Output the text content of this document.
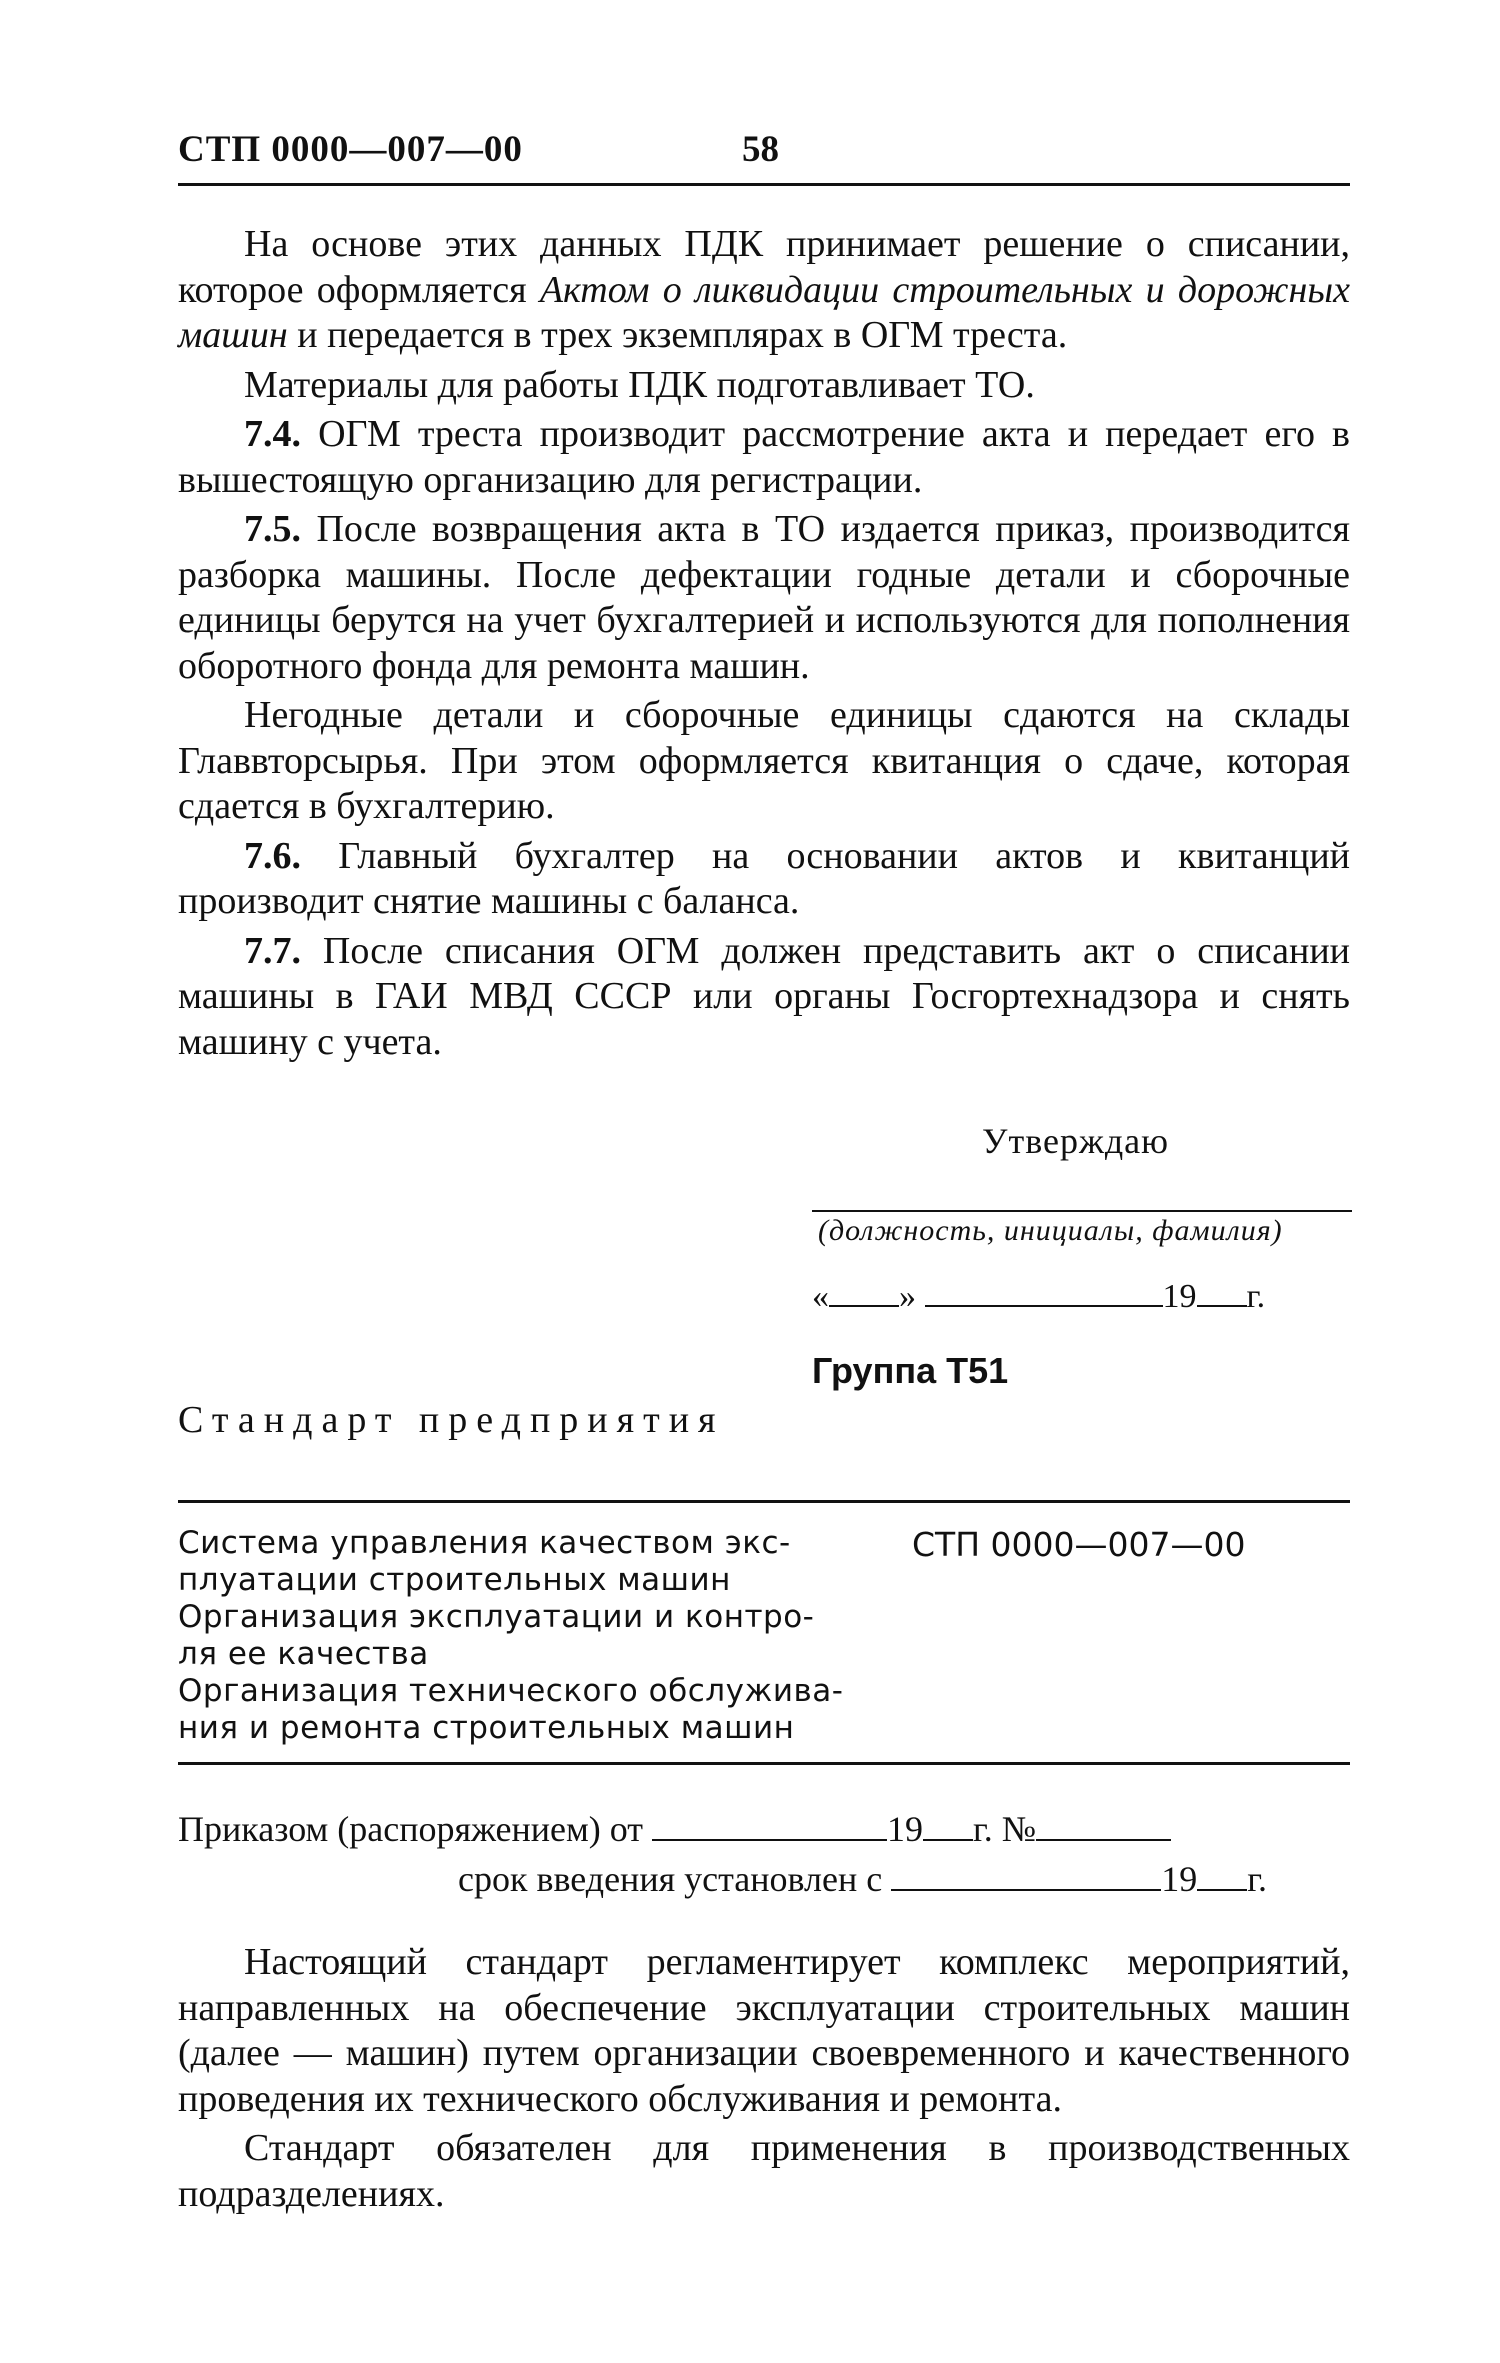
СТП 0000—007—00	58

На основе этих данных ПДК принимает решение о списании, которое оформляется Актом о ликвидации строительных и дорожных машин и передается в трех экземплярах в ОГМ треста.

Материалы для работы ПДК подготавливает ТО.

7.4. ОГМ треста производит рассмотрение акта и передает его в вышестоящую организацию для регистрации.

7.5. После возвращения акта в ТО издается приказ, производится разборка машины. После дефектации годные детали и сборочные единицы берутся на учет бухгалтерией и используются для пополнения оборотного фонда для ремонта машин.

Негодные детали и сборочные единицы сдаются на склады Главвторсырья. При этом оформляется квитанция о сдаче, которая сдается в бухгалтерию.

7.6. Главный бухгалтер на основании актов и квитанций производит снятие машины с баланса.

7.7. После списания ОГМ должен представить акт о списании машины в ГАИ МВД СССР или органы Госгортехнадзора и снять машину с учета.

Утверждаю
(должность, инициалы, фамилия)
« »	19 г.
Группа Т51
Стандарт предприятия
Система управления качеством экс-
плуатации строительных машин
Организация эксплуатации и контро-
ля ее качества
Организация технического обслужива-
ния и ремонта строительных машин
СТП 0000—007—00
Приказом (распоряжением) от	19 г. №
срок введения установлен с	19 г.

Настоящий стандарт регламентирует комплекс мероприятий, направленных на обеспечение эксплуатации строительных машин (далее — машин) путем организации своевременного и качественного проведения их технического обслуживания и ремонта.

Стандарт обязателен для применения в производственных подразделениях.
